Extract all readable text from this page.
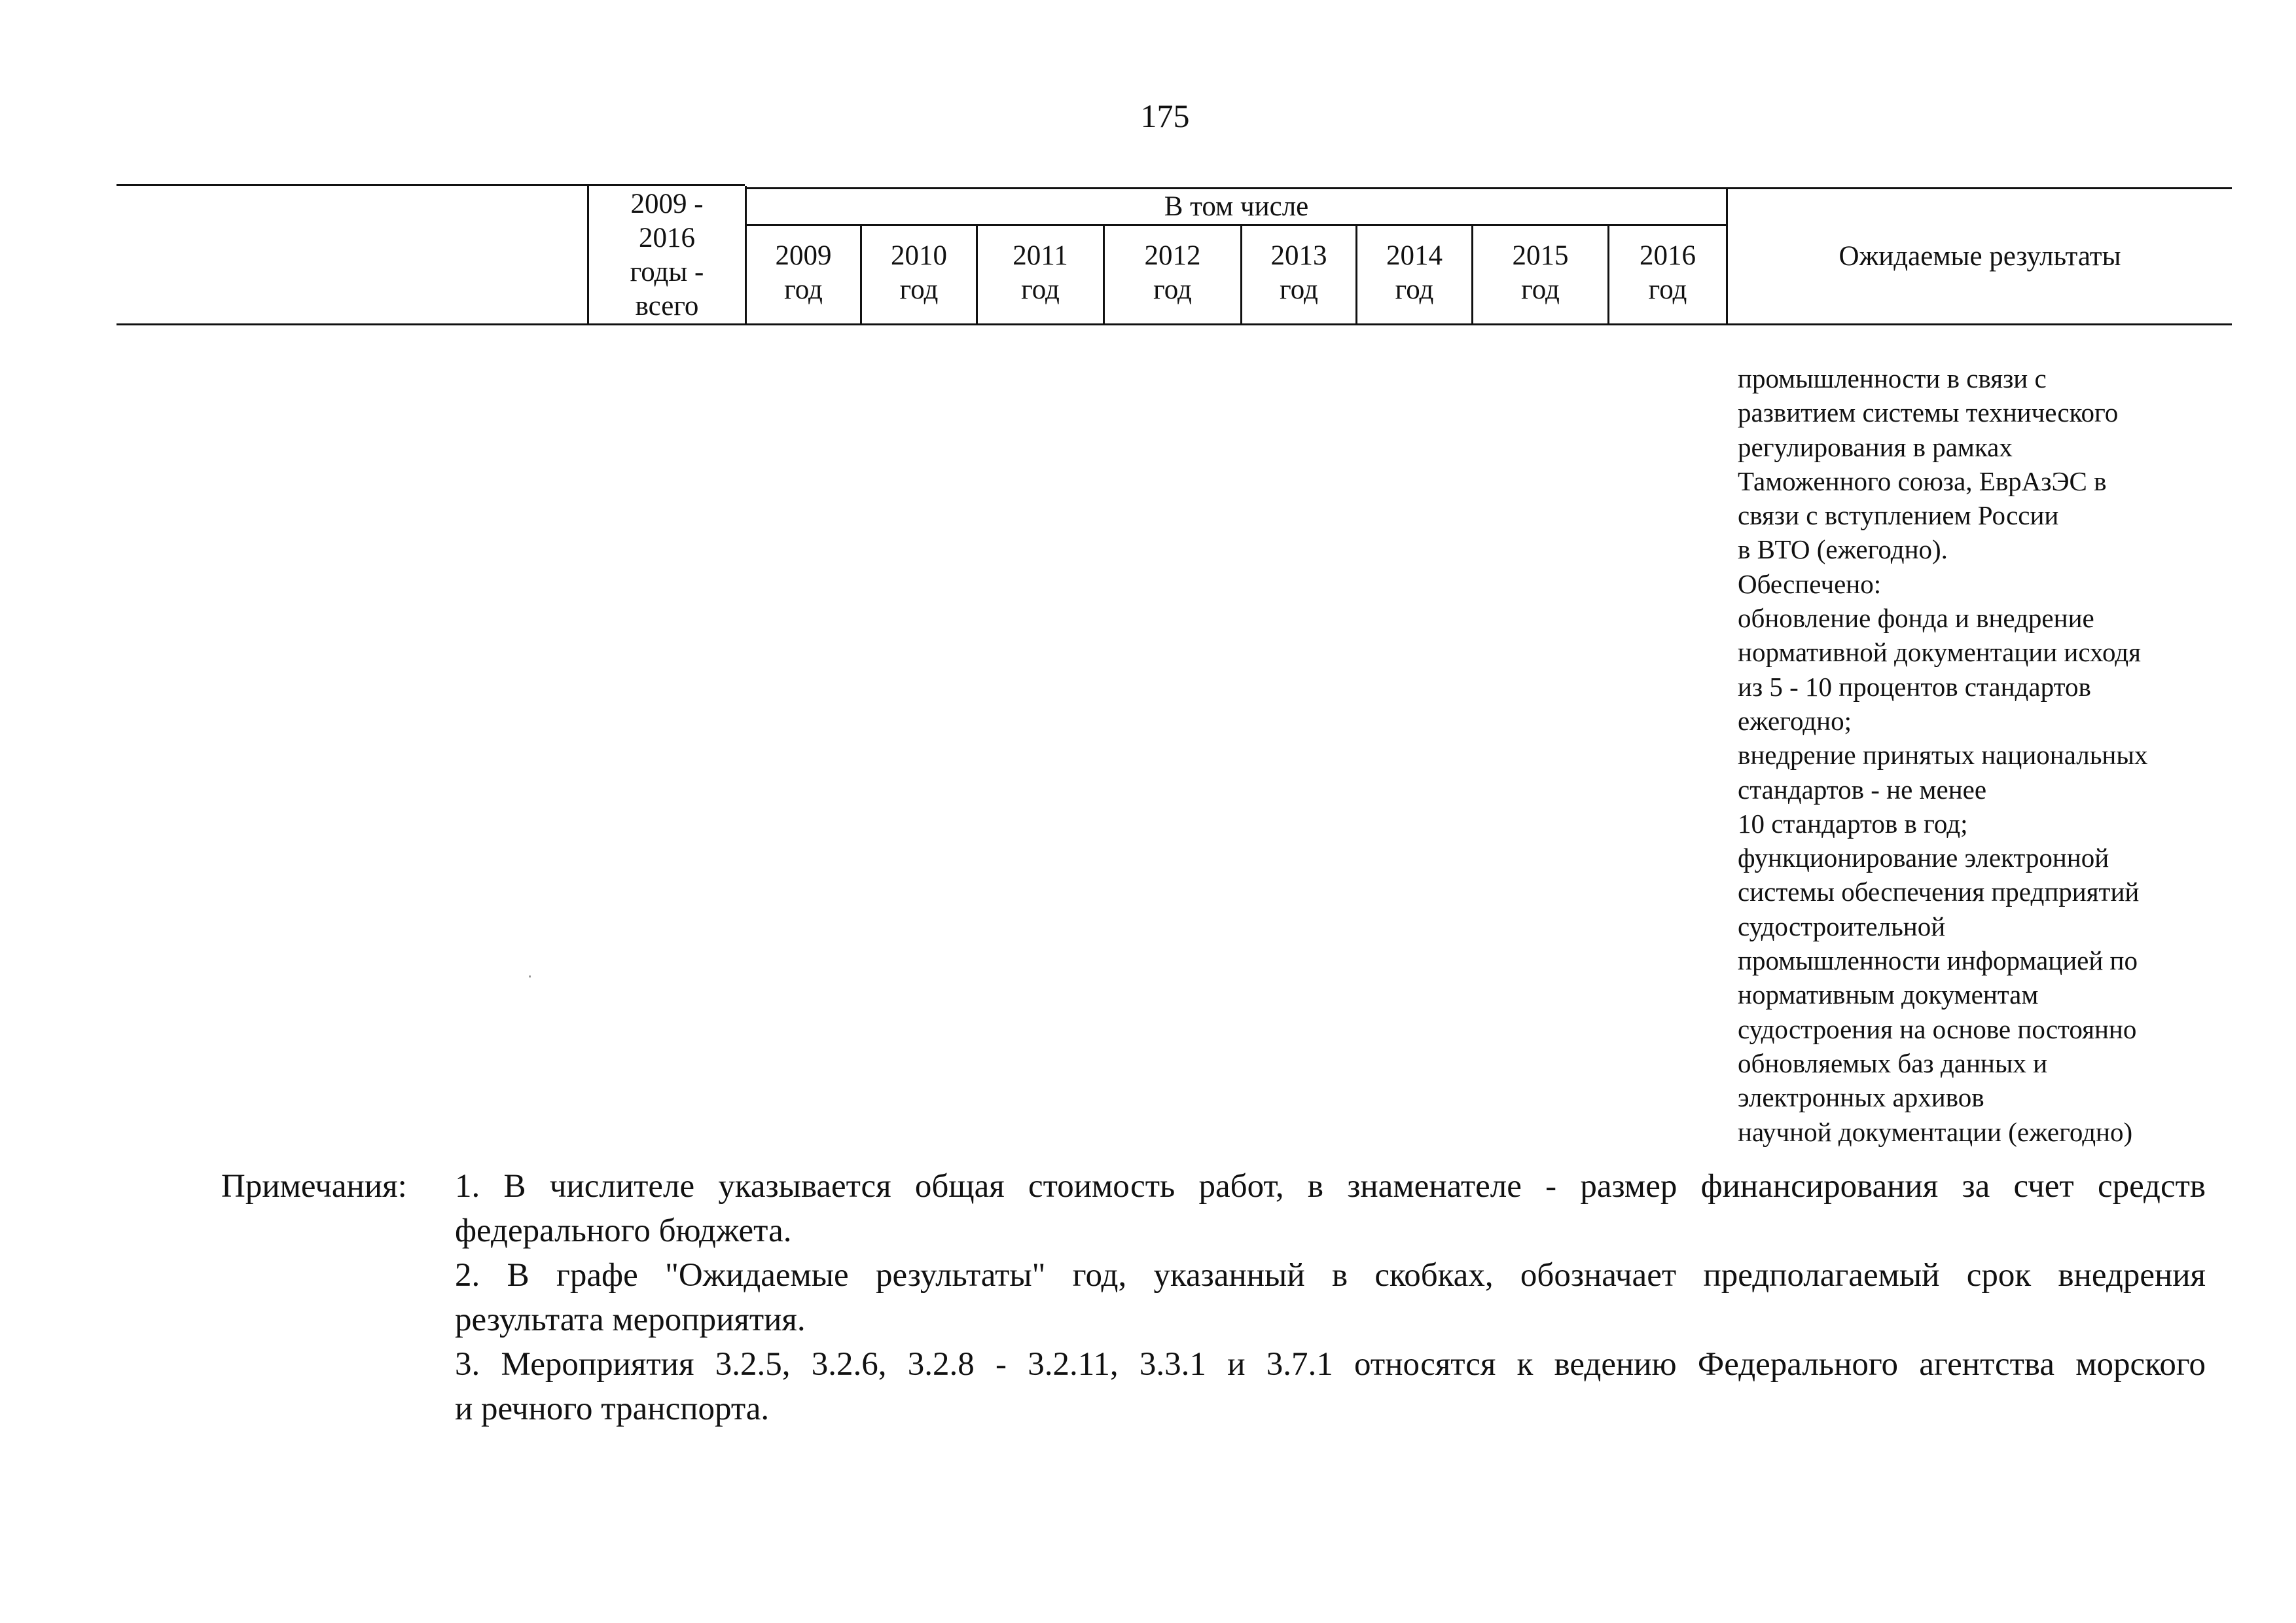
175
2009 -
2016
годы -
всего
В том числе
2009
год
2010
год
2011
год
2012
год
2013
год
2014
год
2015
год
2016
год
Ожидаемые результаты
промышленности в связи с
развитием системы технического
регулирования в рамках
Таможенного союза, ЕврАзЭС в
связи с вступлением России
в ВТО (ежегодно).
Обеспечено:
обновление фонда и внедрение
нормативной документации исходя
из 5 - 10 процентов стандартов
ежегодно;
внедрение принятых национальных
стандартов - не менее
10 стандартов в год;
функционирование электронной
системы обеспечения предприятий
судостроительной
промышленности информацией по
нормативным документам
судостроения на основе постоянно
обновляемых баз данных и
электронных архивов
научной документации (ежегодно)
Примечания: 1. В числителе указывается общая стоимость работ, в знаменателе - размер финансирования за счет средств
федерального бюджета.
2. В графе "Ожидаемые результаты" год, указанный в скобках, обозначает предполагаемый срок внедрения
результата мероприятия.
3. Мероприятия 3.2.5, 3.2.6, 3.2.8 - 3.2.11, 3.3.1 и 3.7.1 относятся к ведению Федерального агентства морского
и речного транспорта.
